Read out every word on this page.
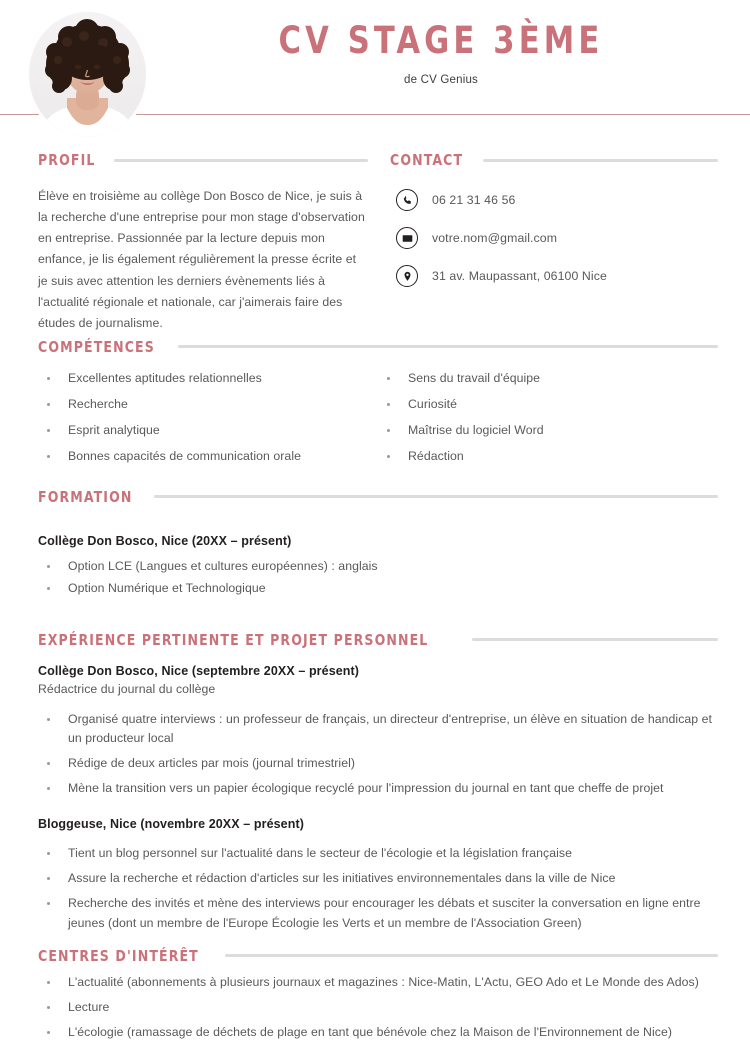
CV STAGE 3ÈME

de CV Genius

PROFIL

Élève en troisième au collège Don Bosco de Nice, je suis à la recherche d'une entreprise pour mon stage d'observation en entreprise. Passionnée par la lecture depuis mon enfance, je lis également régulièrement la presse écrite et je suis avec attention les derniers évènements liés à l'actualité régionale et nationale, car j'aimerais faire des études de journalisme.

CONTACT
06 21 31 46 56
votre.nom@gmail.com
31 av. Maupassant, 06100 Nice
COMPÉTENCES
Excellentes aptitudes relationnelles
Recherche
Esprit analytique
Bonnes capacités de communication orale
Sens du travail d'équipe
Curiosité
Maîtrise du logiciel Word
Rédaction
FORMATION

Collège Don Bosco, Nice (20XX – présent)

Option LCE (Langues et cultures européennes) : anglais
Option Numérique et Technologique
EXPÉRIENCE PERTINENTE ET PROJET PERSONNEL

Collège Don Bosco, Nice (septembre 20XX – présent)

Rédactrice du journal du collège

Organisé quatre interviews : un professeur de français, un directeur d'entreprise, un élève en situation de handicap et un producteur local
Rédige de deux articles par mois (journal trimestriel)
Mène la transition vers un papier écologique recyclé pour l'impression du journal en tant que cheffe de projet

Bloggeuse, Nice (novembre 20XX – présent)

Tient un blog personnel sur l'actualité dans le secteur de l'écologie et la législation française
Assure la recherche et rédaction d'articles sur les initiatives environnementales dans la ville de Nice
Recherche des invités et mène des interviews pour encourager les débats et susciter la conversation en ligne entre jeunes (dont un membre de l'Europe Écologie les Verts et un membre de l'Association Green)
CENTRES D'INTÉRÊT
L'actualité (abonnements à plusieurs journaux et magazines : Nice-Matin, L'Actu, GEO Ado et Le Monde des Ados)
Lecture
L'écologie (ramassage de déchets de plage en tant que bénévole chez la Maison de l'Environnement de Nice)
